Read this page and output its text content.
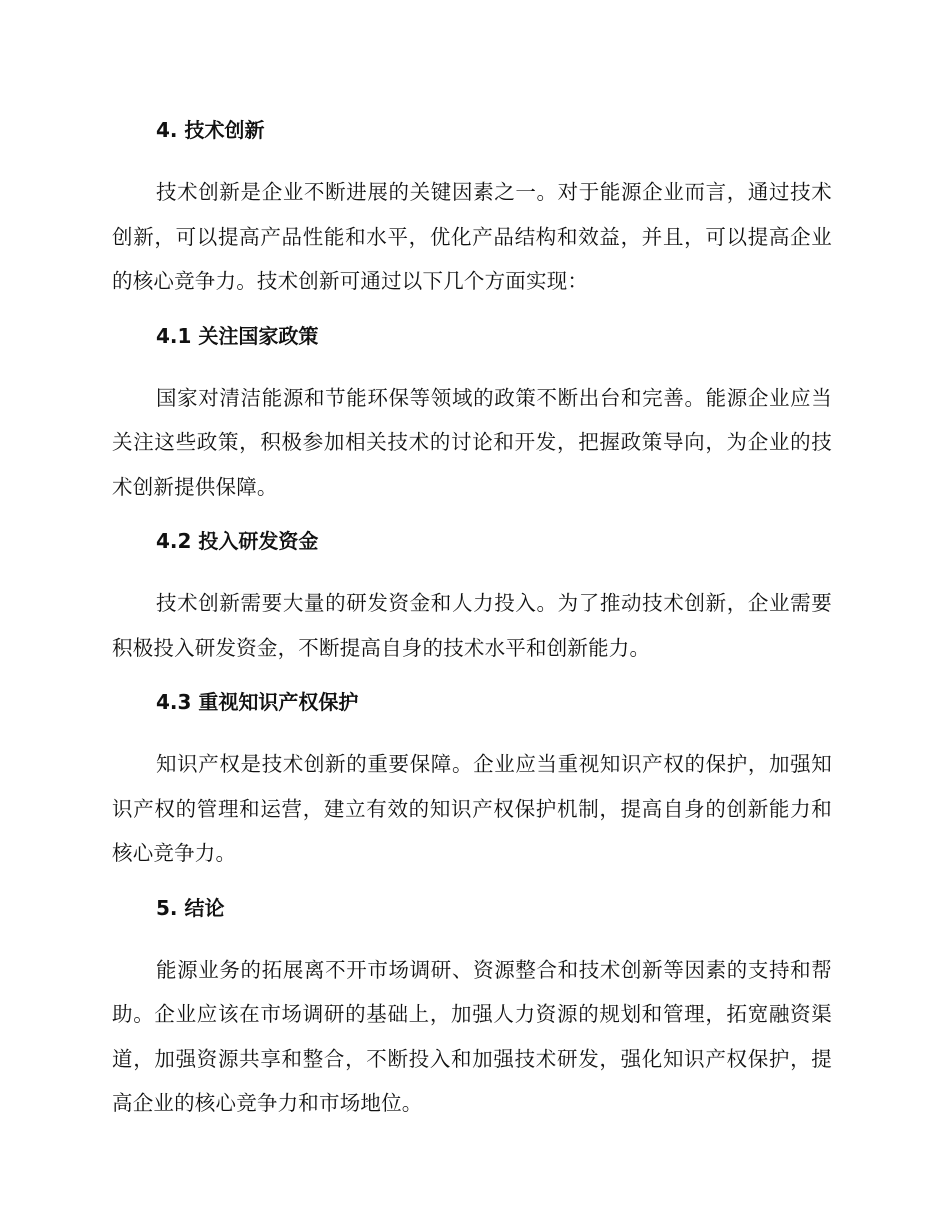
4. 技术创新

技术创新是企业不断进展的关键因素之一。对于能源企业而言，通过技术创新，可以提高产品性能和水平，优化产品结构和效益，并且，可以提高企业的核心竞争力。技术创新可通过以下几个方面实现：

4.1 关注国家政策

国家对清洁能源和节能环保等领域的政策不断出台和完善。能源企业应当关注这些政策，积极参加相关技术的讨论和开发，把握政策导向，为企业的技术创新提供保障。

4.2 投入研发资金

技术创新需要大量的研发资金和人力投入。为了推动技术创新，企业需要积极投入研发资金，不断提高自身的技术水平和创新能力。

4.3 重视知识产权保护

知识产权是技术创新的重要保障。企业应当重视知识产权的保护，加强知识产权的管理和运营，建立有效的知识产权保护机制，提高自身的创新能力和核心竞争力。

5. 结论

能源业务的拓展离不开市场调研、资源整合和技术创新等因素的支持和帮助。企业应该在市场调研的基础上，加强人力资源的规划和管理，拓宽融资渠道，加强资源共享和整合，不断投入和加强技术研发，强化知识产权保护，提高企业的核心竞争力和市场地位。
